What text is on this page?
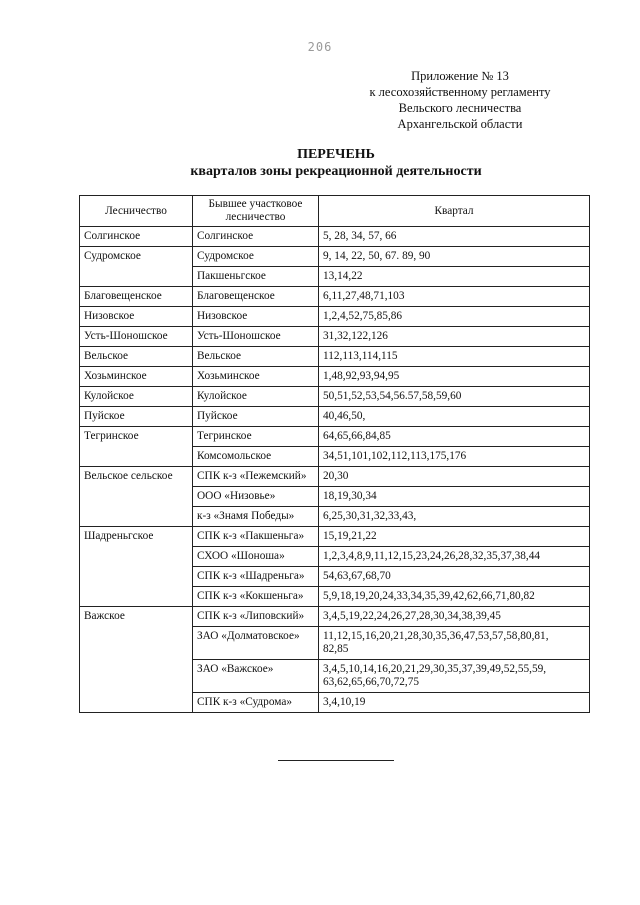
206
Приложение № 13
к лесохозяйственному регламенту
Вельского лесничества
Архангельской области
ПЕРЕЧЕНЬ
кварталов зоны рекреационной деятельности
Лесничество	Бывшее участковое лесничество	Квартал
Солгинское	Солгинское	5, 28, 34, 57, 66
Судромское	Судромское	9, 14, 22, 50, 67. 89, 90
	Пакшеньгское	13,14,22
Благовещенское	Благовещенское	6,11,27,48,71,103
Низовское	Низовское	1,2,4,52,75,85,86
Усть-Шоношское	Усть-Шоношское	31,32,122,126
Вельское	Вельское	112,113,114,115
Хозьминское	Хозьминское	1,48,92,93,94,95
Кулойское	Кулойское	50,51,52,53,54,56.57,58,59,60
Пуйское	Пуйское	40,46,50,
Тегринское	Тегринское	64,65,66,84,85
	Комсомольское	34,51,101,102,112,113,175,176
Вельское сельское	СПК к-з «Пежемский»	20,30
	ООО «Низовье»	18,19,30,34
	к-з «Знамя Победы»	6,25,30,31,32,33,43,
Шадреньгское	СПК к-з «Пакшеньга»	15,19,21,22
	СХОО «Шоноша»	1,2,3,4,8,9,11,12,15,23,24,26,28,32,35,37,38,44
	СПК к-з «Шадреньга»	54,63,67,68,70
	СПК к-з «Кокшеньга»	5,9,18,19,20,24,33,34,35,39,42,62,66,71,80,82
Важское	СПК к-з «Липовский»	3,4,5,19,22,24,26,27,28,30,34,38,39,45
	ЗАО «Долматовское»	11,12,15,16,20,21,28,30,35,36,47,53,57,58,80,81,
82,85
	ЗАО «Важское»	3,4,5,10,14,16,20,21,29,30,35,37,39,49,52,55,59,
63,62,65,66,70,72,75
	СПК к-з «Судрома»	3,4,10,19
